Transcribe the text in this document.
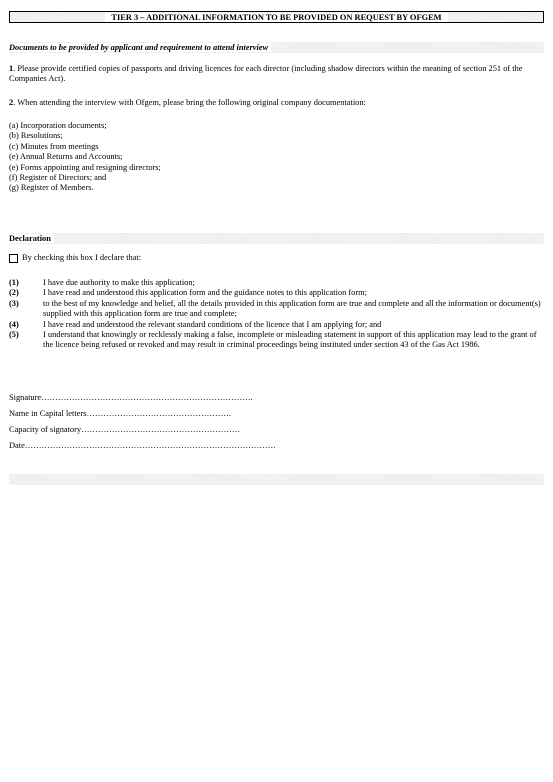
TIER 3 – ADDITIONAL INFORMATION TO BE PROVIDED ON REQUEST BY OFGEM
Documents to be provided by applicant and requirement to attend interview
1. Please provide certified copies of passports and driving licences for each director (including shadow directors within the meaning of section 251 of the Companies Act).
2. When attending the interview with Ofgem, please bring the following original company documentation:
(a) Incorporation documents;
(b) Resolutions;
(c) Minutes from meetings
(e) Annual Returns and Accounts;
(e) Forms appointing and resigning directors;
(f) Register of Directors; and
(g) Register of Members.
Declaration
By checking this box I declare that:
(1)	I have due authority to make this application;
(2)	I have read and understood this application form and the guidance notes to this application form;
(3)	to the best of my knowledge and belief, all the details provided in this application form are true and complete and all the information or document(s) supplied with this application form are true and complete;
(4)	I have read and understood the relevant standard conditions of the licence that I am applying for; and
(5)	I understand that knowingly or recklessly making a false, incomplete or misleading statement in support of this application may lead to the grant of the licence being refused or revoked and may result in criminal proceedings being instituted under section 43 of the Gas Act 1986.
Signature………………………………………………………………….
Name in Capital letters…………………………………………….
Capacity of signatory…………………………………………………
Date………………………………………………………………………………
